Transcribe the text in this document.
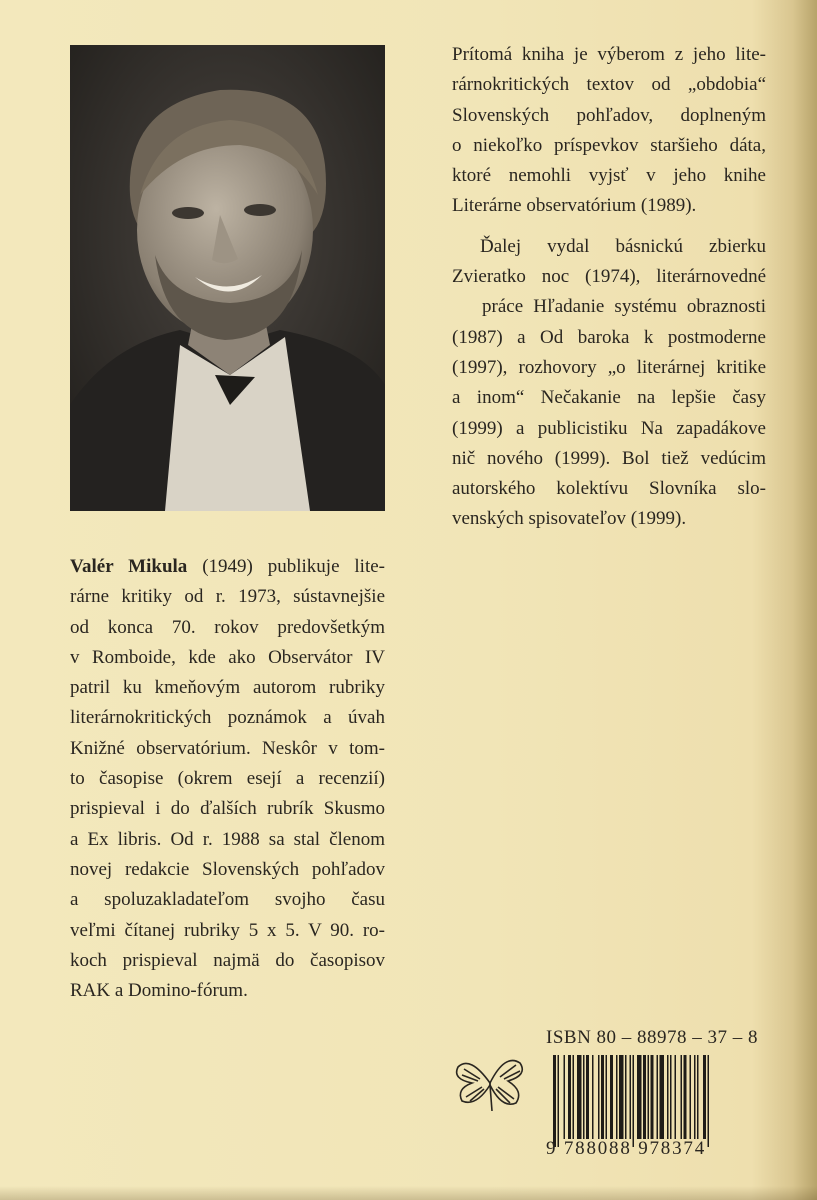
Prítomá kniha je výberom z jeho lite-
rárnokritických textov od „obdobia“
Slovenských pohľadov, doplneným
o niekoľko príspevkov staršieho dáta,
ktoré nemohli vyjsť v jeho knihe
Literárne observatórium (1989).

Ďalej vydal básnickú zbierku
Zvieratko noc (1974), literárnovedné
práce Hľadanie systému obraznosti
(1987) a Od baroka k postmoderne
(1997), rozhovory „o literárnej kritike
a inom“ Nečakanie na lepšie časy
(1999) a publicistiku Na zapadákove
nič nového (1999). Bol tiež vedúcim
autorského kolektívu Slovníka slo-
venských spisovateľov (1999).

Valér Mikula (1949) publikuje lite-
rárne kritiky od r. 1973, sústavnejšie
od konca 70. rokov predovšetkým
v Romboide, kde ako Observátor IV
patril ku kmeňovým autorom rubriky
literárnokritických poznámok a úvah
Knižné observatórium. Neskôr v tom-
to časopise (okrem esejí a recenzií)
prispieval i do ďalších rubrík Skusmo
a Ex libris. Od r. 1988 sa stal členom
novej redakcie Slovenských pohľadov
a spoluzakladateľom svojho času
veľmi čítanej rubriky 5 x 5. V 90. ro-
koch prispieval najmä do časopisov
RAK a Domino-fórum.

ISBN 80 – 88978 – 37 – 8
9 788088 978374
